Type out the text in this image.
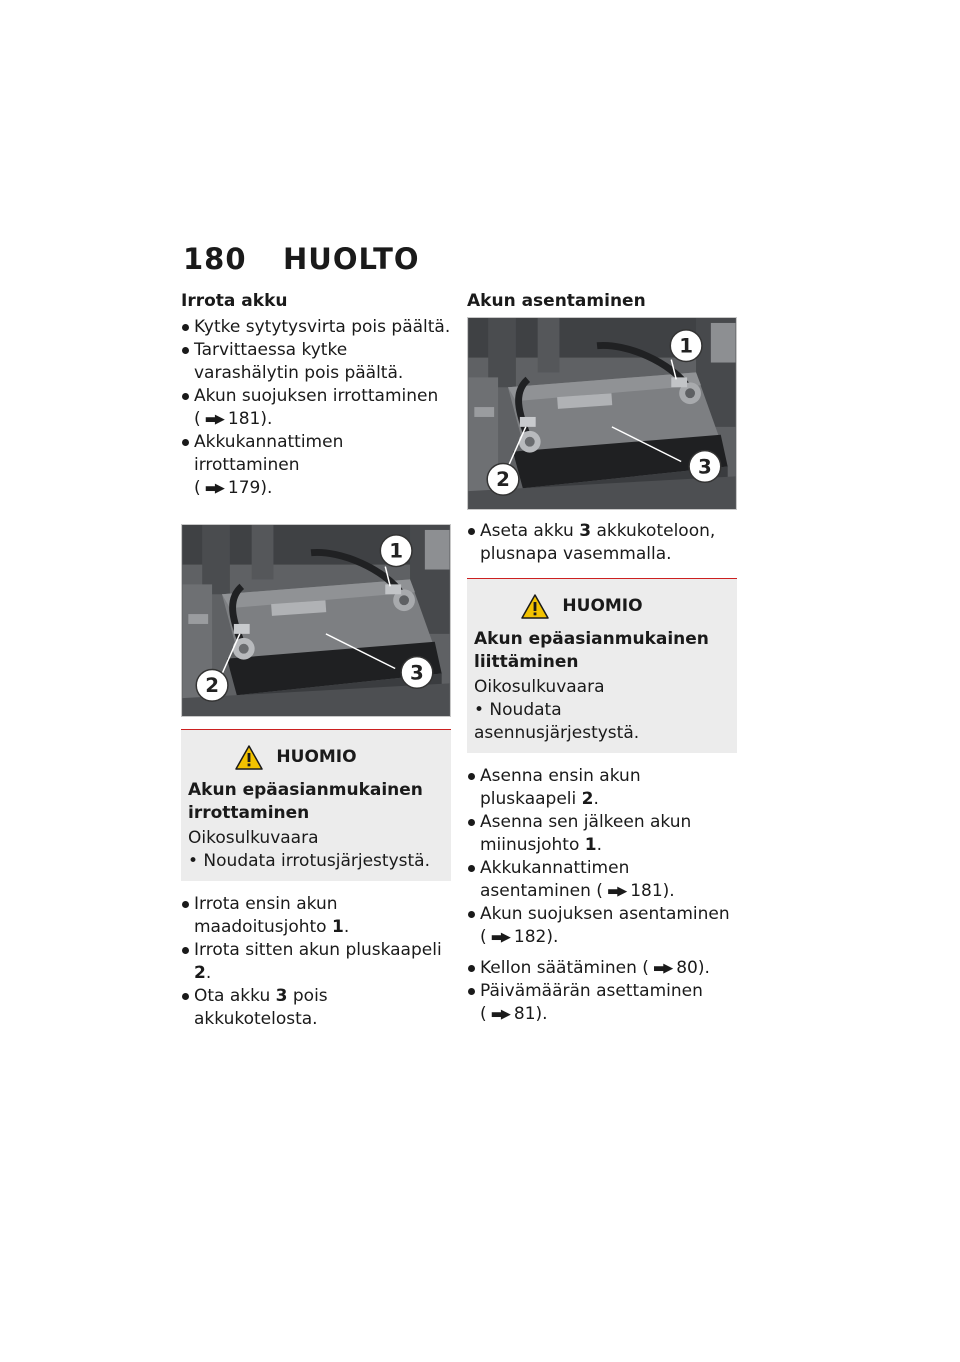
180 HUOLTO
Irrota akku
Kytke sytytysvirta pois päältä.
Tarvittaessa kytke varashälytin pois päältä.
Akun suojuksen irrottaminen
( ▬▶ 181).
Akkukannattimen irrottaminen
( ▬▶ 179).
1
2
3
HUOMIO
Akun epäasianmukainen irrottaminen
Oikosulkuvaara
• Noudata irrotusjärjestystä.
Irrota ensin akun maadoitusjohto 1.
Irrota sitten akun pluskaapeli 2.
Ota akku 3 pois akkukotelosta.
Akun asentaminen
1
2
3
Aseta akku 3 akkukoteloon, plusnapa vasemmalla.
HUOMIO
Akun epäasianmukainen liittäminen
Oikosulkuvaara
• Noudata asennusjärjestystä.
Asenna ensin akun pluskaapeli 2.
Asenna sen jälkeen akun miinusjohto 1.
Akkukannattimen asentaminen ( ▬▶ 181).
Akun suojuksen asentaminen
( ▬▶ 182).
Kellon säätäminen ( ▬▶ 80).
Päivämäärän asettaminen
( ▬▶ 81).
